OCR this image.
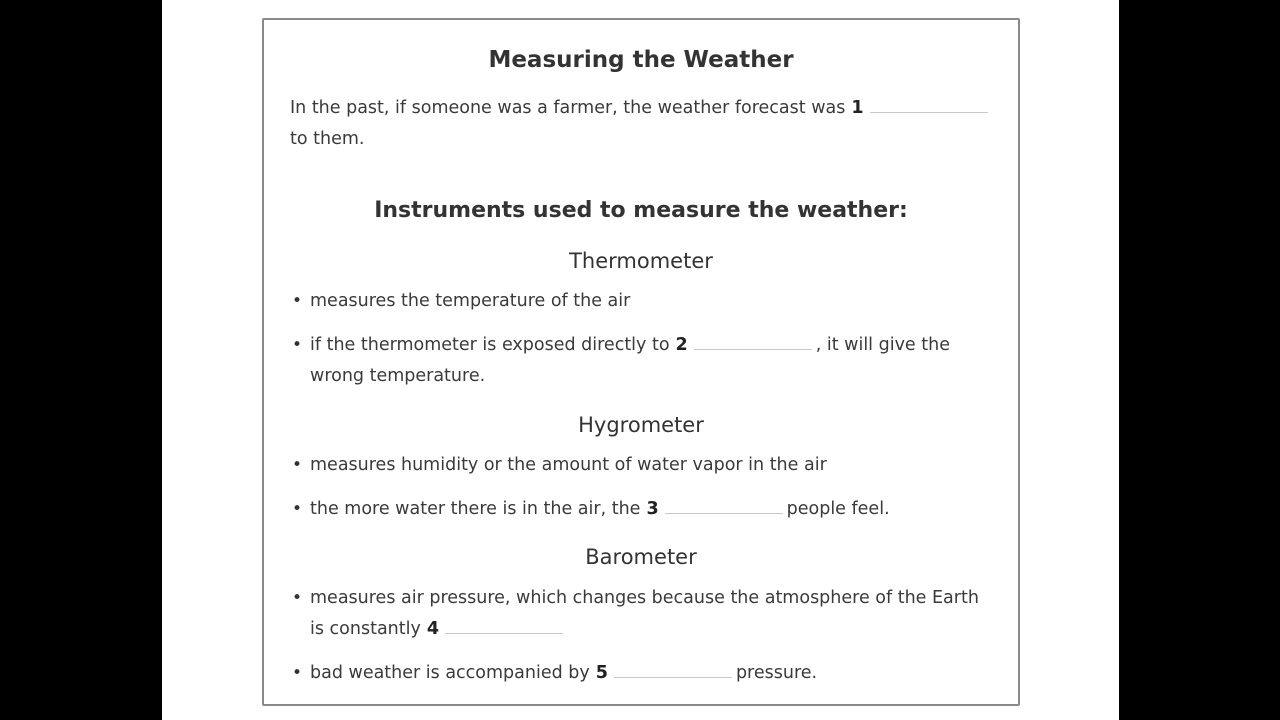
Measuring the Weather
In the past, if someone was a farmer, the weather forecast was 1
to them.
Instruments used to measure the weather:
Thermometer
• measures the temperature of the air
• if the thermometer is exposed directly to 2	, it will give the
wrong temperature.
Hygrometer
• measures humidity or the amount of water vapor in the air
• the more water there is in the air, the 3	people feel.
Barometer
• measures air pressure, which changes because the atmosphere of the Earth
is constantly 4
• bad weather is accompanied by 5	pressure.
